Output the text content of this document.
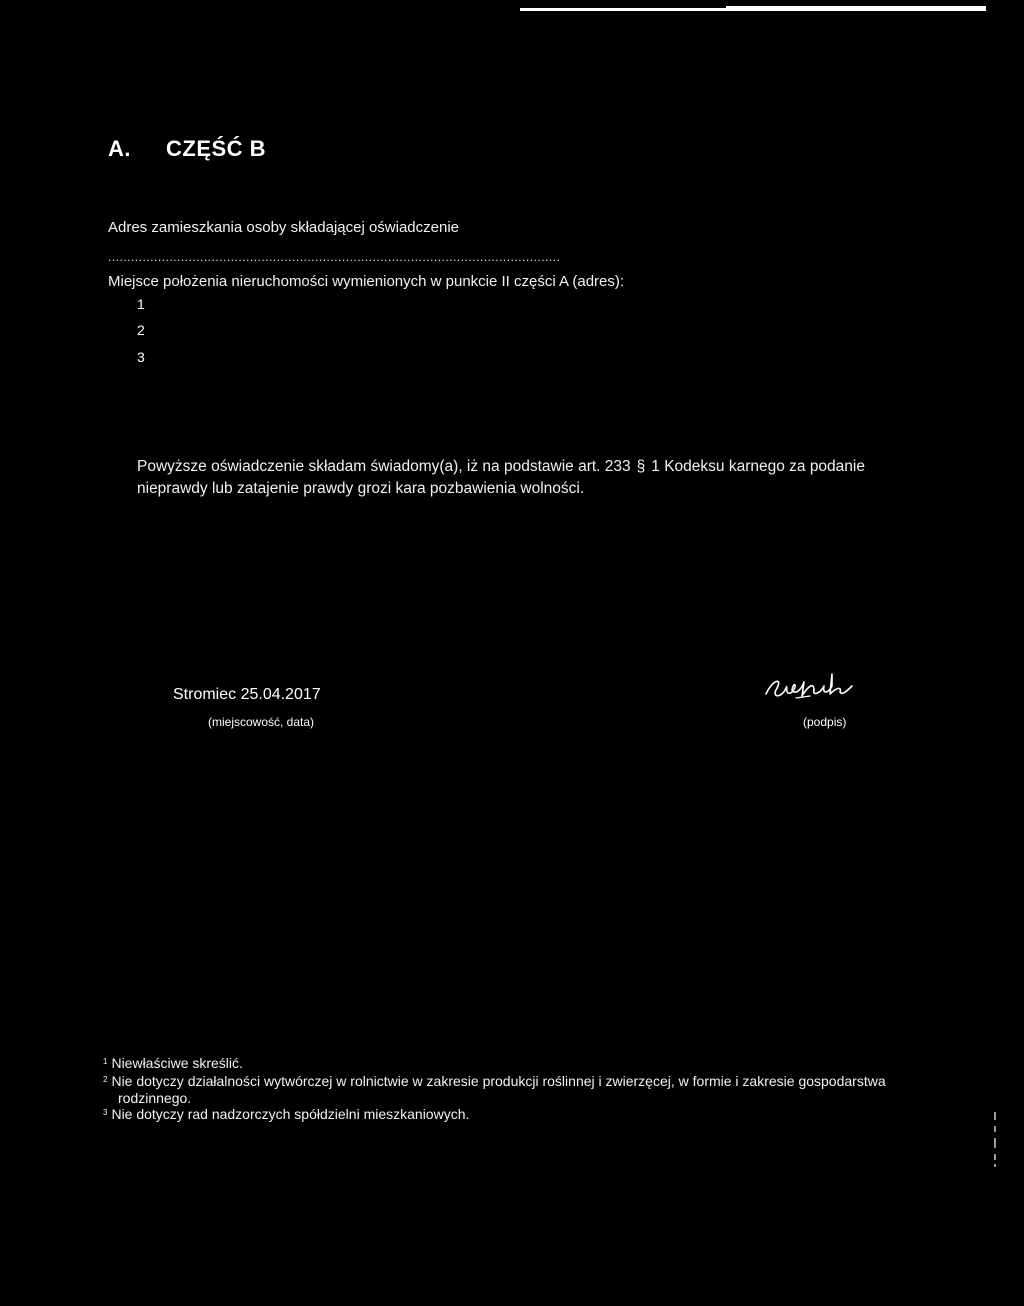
A. CZĘŚĆ B
Adres zamieszkania osoby składającej oświadczenie
......................................................................................................................
Miejsce położenia nieruchomości wymienionych w punkcie II części A (adres):
1
2
3
Powyższe oświadczenie składam świadomy(a), iż na podstawie art. 233 § 1 Kodeksu karnego za podanie nieprawdy lub zatajenie prawdy grozi kara pozbawienia wolności.
Stromiec 25.04.2017
(miejscowość, data)	(podpis)
$^1$ Niewłaściwe skreślić.
$^2$ Nie dotyczy działalności wytwórczej w rolnictwie w zakresie produkcji roślinnej i zwierzęcej, w formie i zakresie gospodarstwa
rodzinnego.
$^3$ Nie dotyczy rad nadzorczych spółdzielni mieszkaniowych.
